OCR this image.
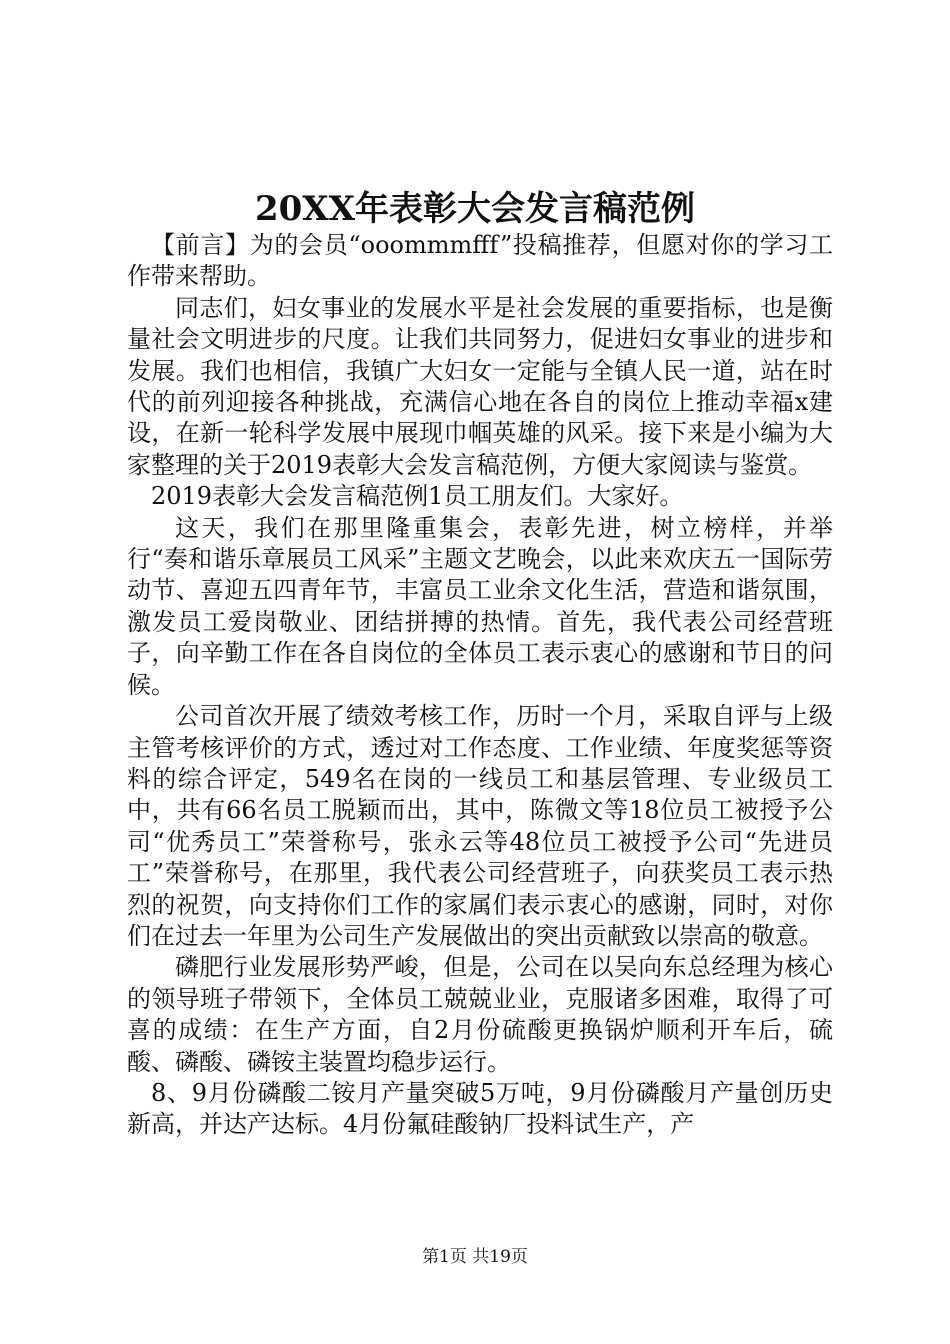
20XX年表彰大会发言稿范例

【前言】为的会员“ooommmfff”投稿推荐，但愿对你的学习工作带来帮助。

同志们，妇女事业的发展水平是社会发展的重要指标，也是衡量社会文明进步的尺度。让我们共同努力，促进妇女事业的进步和发展。我们也相信，我镇广大妇女一定能与全镇人民一道，站在时代的前列迎接各种挑战，充满信心地在各自的岗位上推动幸福x建设，在新一轮科学发展中展现巾帼英雄的风采。接下来是小编为大家整理的关于2019表彰大会发言稿范例，方便大家阅读与鉴赏。

2019表彰大会发言稿范例1员工朋友们。大家好。

这天，我们在那里隆重集会，表彰先进，树立榜样，并举行“奏和谐乐章展员工风采”主题文艺晚会，以此来欢庆五一国际劳动节、喜迎五四青年节，丰富员工业余文化生活，营造和谐氛围，激发员工爱岗敬业、团结拼搏的热情。首先，我代表公司经营班子，向辛勤工作在各自岗位的全体员工表示衷心的感谢和节日的问候。

公司首次开展了绩效考核工作，历时一个月，采取自评与上级主管考核评价的方式，透过对工作态度、工作业绩、年度奖惩等资料的综合评定，549名在岗的一线员工和基层管理、专业级员工中，共有66名员工脱颖而出，其中，陈微文等18位员工被授予公司“优秀员工”荣誉称号，张永云等48位员工被授予公司“先进员工”荣誉称号，在那里，我代表公司经营班子，向获奖员工表示热烈的祝贺，向支持你们工作的家属们表示衷心的感谢，同时，对你们在过去一年里为公司生产发展做出的突出贡献致以崇高的敬意。

磷肥行业发展形势严峻，但是，公司在以吴向东总经理为核心的领导班子带领下，全体员工兢兢业业，克服诸多困难，取得了可喜的成绩：在生产方面，自2月份硫酸更换锅炉顺利开车后，硫酸、磷酸、磷铵主装置均稳步运行。

8、9月份磷酸二铵月产量突破5万吨，9月份磷酸月产量创历史新高，并达产达标。4月份氟硅酸钠厂投料试生产，产

第1页 共19页
